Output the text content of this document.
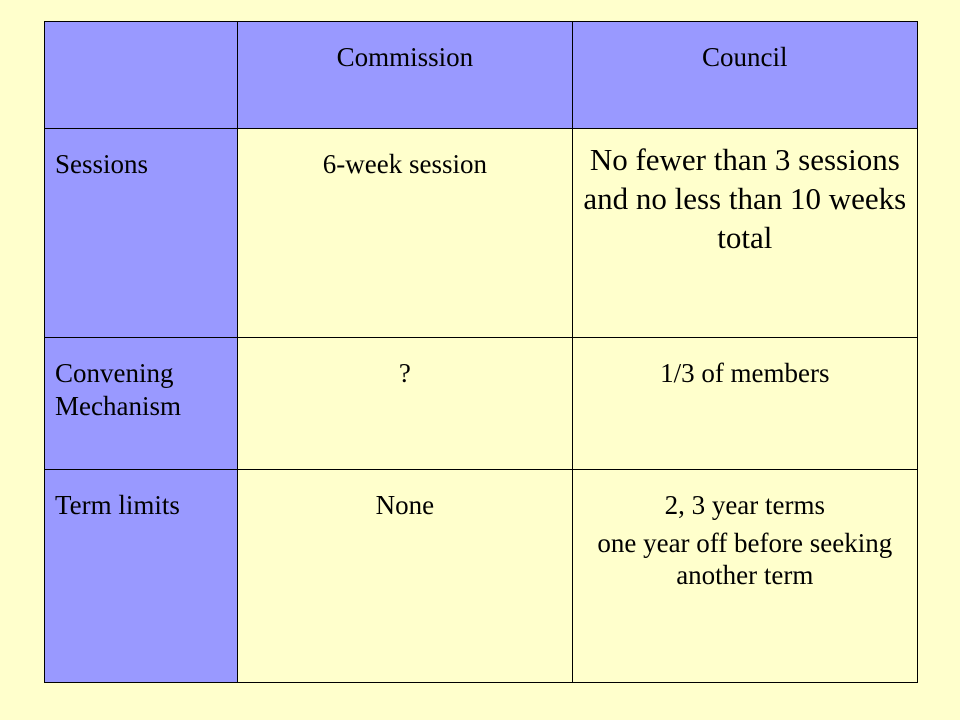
	Commission	Council

Sessions	6-week session	No fewer than 3 sessions and no less than 10 weeks total

Convening
Mechanism	?	1/3 of members

Term limits	None	2, 3 year terms
one year off before seeking another term
